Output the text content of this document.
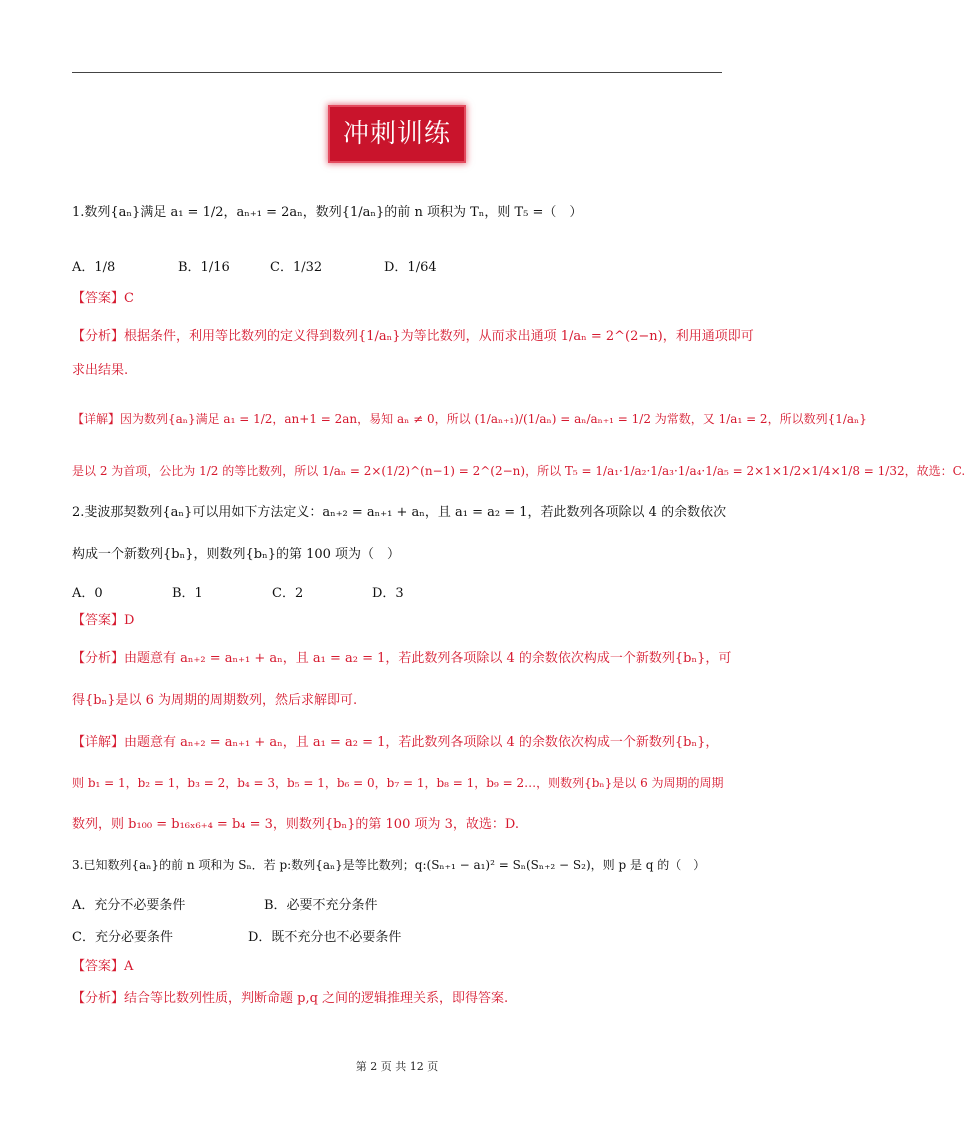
冲刺训练
1.数列{aₙ}满足 a₁ = 1/2，aₙ₊₁ = 2aₙ，数列{1/aₙ}的前 n 项积为 Tₙ，则 T₅ =（　）
A．1/8	B．1/16	C．1/32	D．1/64
【答案】C
【分析】根据条件，利用等比数列的定义得到数列{1/aₙ}为等比数列，从而求出通项 1/aₙ = 2^(2−n)，利用通项即可
求出结果.
【详解】因为数列{aₙ}满足 a₁ = 1/2，an+1 = 2an，易知 aₙ ≠ 0，所以 (1/aₙ₊₁)/(1/aₙ) = aₙ/aₙ₊₁ = 1/2 为常数，又 1/a₁ = 2，所以数列{1/aₙ}
是以 2 为首项，公比为 1/2 的等比数列，所以 1/aₙ = 2×(1/2)^(n−1) = 2^(2−n)，所以 T₅ = 1/a₁·1/a₂·1/a₃·1/a₄·1/a₅ = 2×1×1/2×1/4×1/8 = 1/32，故选：C.
2.斐波那契数列{aₙ}可以用如下方法定义：aₙ₊₂ = aₙ₊₁ + aₙ，且 a₁ = a₂ = 1，若此数列各项除以 4 的余数依次
构成一个新数列{bₙ}，则数列{bₙ}的第 100 项为（　）
A．0	B．1	C．2	D．3
【答案】D
【分析】由题意有 aₙ₊₂ = aₙ₊₁ + aₙ，且 a₁ = a₂ = 1，若此数列各项除以 4 的余数依次构成一个新数列{bₙ}，可
得{bₙ}是以 6 为周期的周期数列，然后求解即可.
【详解】由题意有 aₙ₊₂ = aₙ₊₁ + aₙ，且 a₁ = a₂ = 1，若此数列各项除以 4 的余数依次构成一个新数列{bₙ}，
则 b₁ = 1，b₂ = 1，b₃ = 2，b₄ = 3，b₅ = 1，b₆ = 0，b₇ = 1，b₈ = 1，b₉ = 2…，则数列{bₙ}是以 6 为周期的周期
数列，则 b₁₀₀ = b₁₆ₓ₆₊₄ = b₄ = 3，则数列{bₙ}的第 100 项为 3，故选：D.
3.已知数列{aₙ}的前 n 项和为 Sₙ．若 p:数列{aₙ}是等比数列；q:(Sₙ₊₁ − a₁)² = Sₙ(Sₙ₊₂ − S₂)，则 p 是 q 的（　）
A．充分不必要条件	B．必要不充分条件
C．充分必要条件	D．既不充分也不必要条件
【答案】A
【分析】结合等比数列性质，判断命题 p,q 之间的逻辑推理关系，即得答案.
第 2 页 共 12 页
